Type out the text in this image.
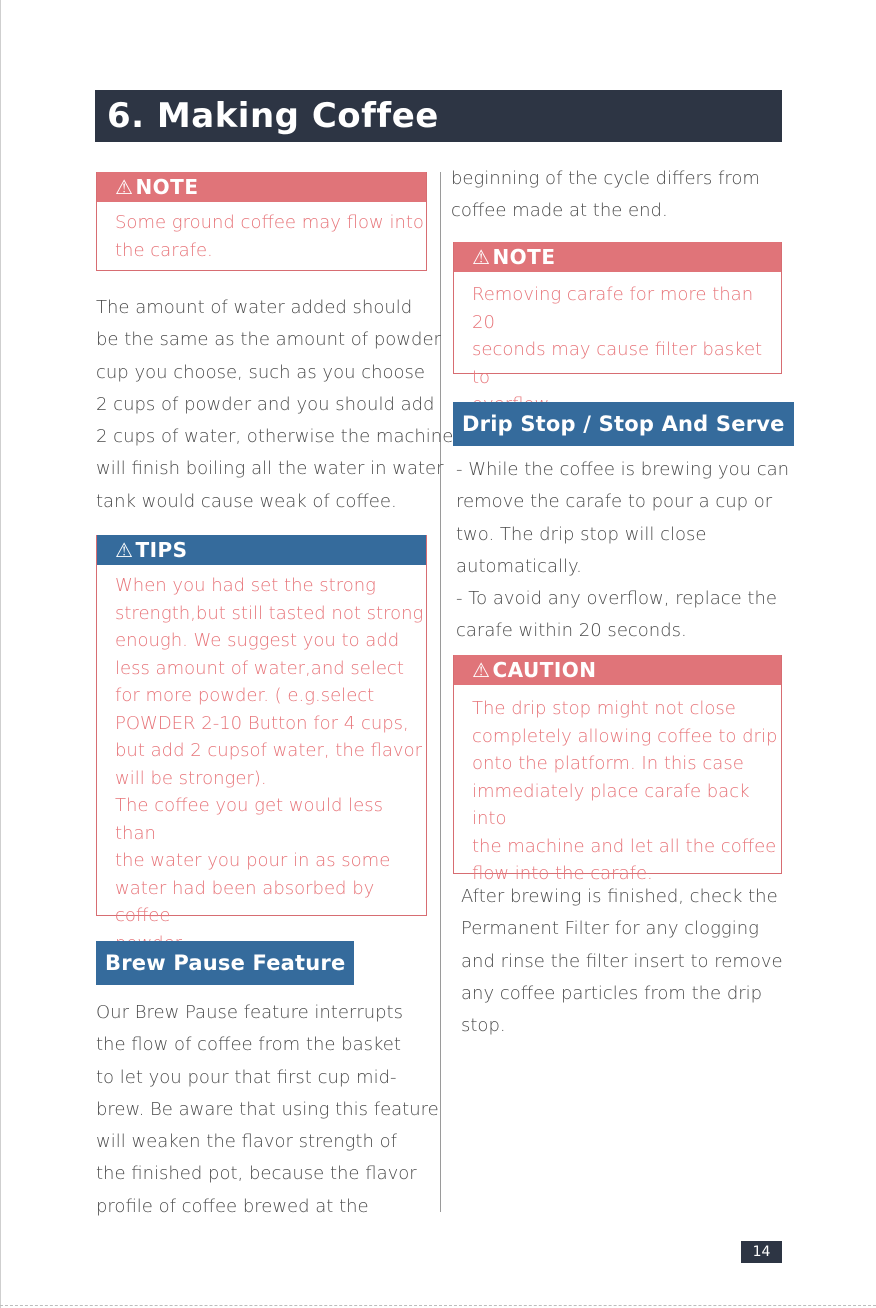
6. Making Coffee
⚠ NOTE
Some ground coffee may flow into
the carafe.
The amount of water added should
be the same as the amount of powder
cup you choose, such as you choose
2 cups of powder and you should add
2 cups of water, otherwise the machine
will finish boiling all the water in water
tank would cause weak of coffee.
⚠ TIPS
When you had set the strong
strength,but still tasted not strong
enough. We suggest you to add
less amount of water,and select
for more powder. ( e.g.select
POWDER 2-10 Button for 4 cups,
but add 2 cupsof water, the flavor
will be stronger).
The coffee you get would less than
the water you pour in as some
water had been absorbed by coffee
Brew Pause Feature
Our Brew Pause feature interrupts
the flow of coffee from the basket
to let you pour that first cup mid-
brew. Be aware that using this feature
will weaken the flavor strength of
the finished pot, because the flavor
profile of coffee brewed at the
beginning of the cycle differs from
coffee made at the end.
⚠ NOTE
Removing carafe for more than 20
seconds may cause filter basket to
Drip Stop / Stop And Serve
- While the coffee is brewing you can
remove the carafe to pour a cup or
two. The drip stop will close
automatically.
- To avoid any overflow, replace the
carafe within 20 seconds.
⚠ CAUTION
The drip stop might not close
completely allowing coffee to drip
onto the platform. In this case
immediately place carafe back into
the machine and let all the coffee
flow into the carafe.
After brewing is finished, check the
Permanent Filter for any clogging
and rinse the filter insert to remove
any coffee particles from the drip
stop.
14
